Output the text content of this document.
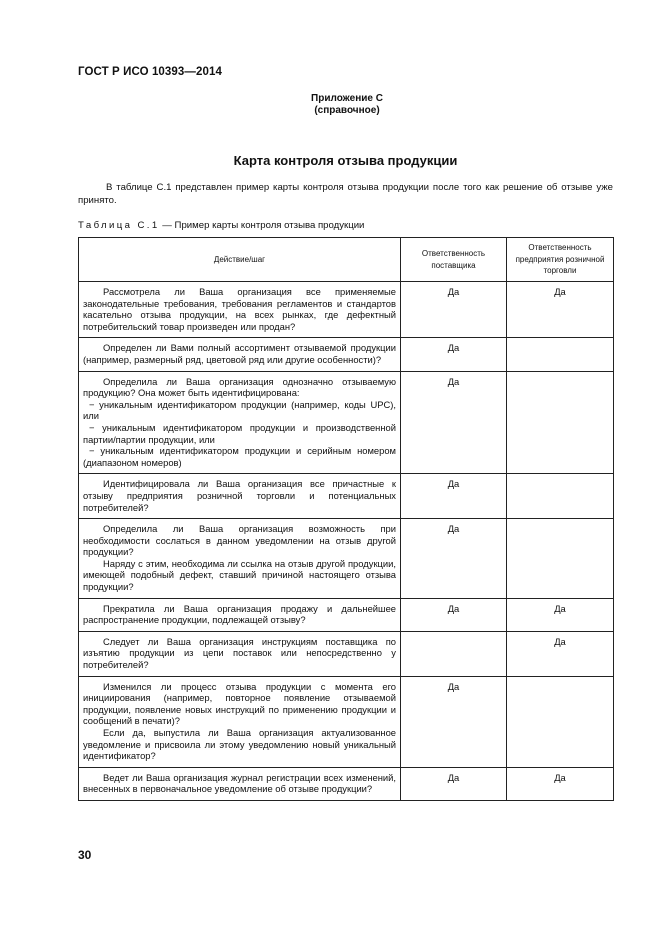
ГОСТ Р ИСО 10393—2014
Приложение С
(справочное)
Карта контроля отзыва продукции

В таблице С.1 представлен пример карты контроля отзыва продукции после того как решение об отзыве уже принято.

Таблица С.1 — Пример карты контроля отзыва продукции
Действие/шаг	Ответственность поставщика	Ответственность предприятия розничной торговли

Рассмотрела ли Ваша организация все применяемые законодательные требования, требования регламентов и стандартов касательно отзыва продукции, на всех рынках, где дефектный потребительский товар произведен или продан?	Да	Да

Определен ли Вами полный ассортимент отзываемой продукции (например, размерный ряд, цветовой ряд или другие особенности)?	Да	

Определила ли Ваша организация однозначно отзываемую продукцию? Она может быть идентифицирована:

− уникальным идентификатором продукции (например, коды UPC), или

− уникальным идентификатором продукции и производственной партии/партии продукции, или

− уникальным идентификатором продукции и серийным номером (диапазоном номеров)	Да	

Идентифицировала ли Ваша организация все причастные к отзыву предприятия розничной торговли и потенциальных потребителей?	Да	

Определила ли Ваша организация возможность при необходимости сослаться в данном уведомлении на отзыв другой продукции?

Наряду с этим, необходима ли ссылка на отзыв другой продукции, имеющей подобный дефект, ставший причиной настоящего отзыва продукции?	Да	

Прекратила ли Ваша организация продажу и дальнейшее распространение продукции, подлежащей отзыву?	Да	Да

Следует ли Ваша организация инструкциям поставщика по изъятию продукции из цепи поставок или непосредственно у потребителей?		Да

Изменился ли процесс отзыва продукции с момента его инициирования (например, повторное появление отзываемой продукции, появление новых инструкций по применению продукции и сообщений в печати)?

Если да, выпустила ли Ваша организация актуализованное уведомление и присвоила ли этому уведомлению новый уникальный идентификатор?	Да	

Ведет ли Ваша организация журнал регистрации всех изменений, внесенных в первоначальное уведомление об отзыве продукции?	Да	Да
30
